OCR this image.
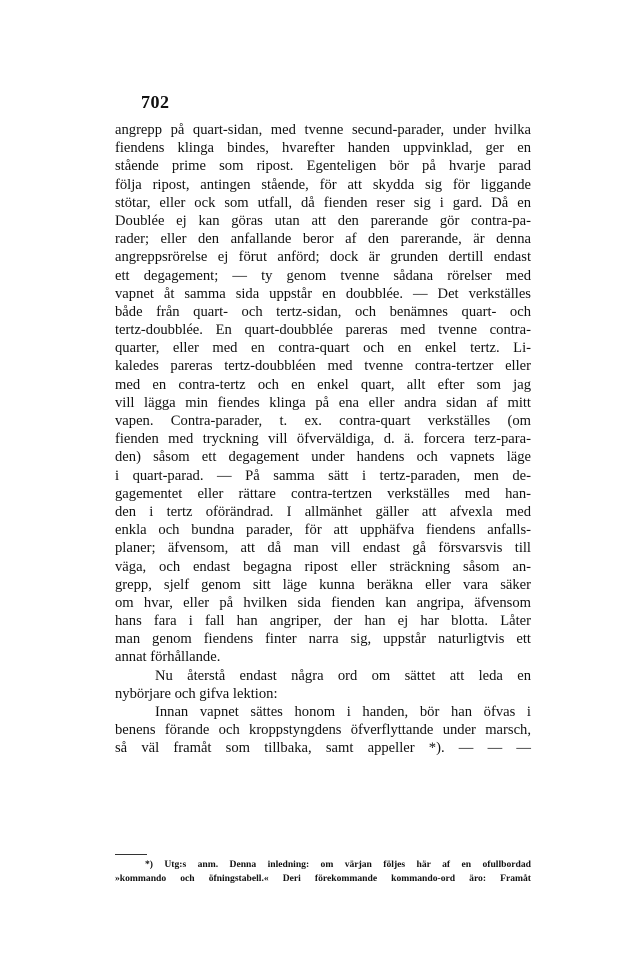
702
angrepp på quart-sidan, med tvenne secund-parader, under hvilka
fiendens klinga bindes, hvarefter handen uppvinklad, ger en
stående prime som ripost. Egenteligen bör på hvarje parad
följa ripost, antingen stående, för att skydda sig för liggande
stötar, eller ock som utfall, då fienden reser sig i gard. Då en
Doublée ej kan göras utan att den parerande gör contra-pa-
rader; eller den anfallande beror af den parerande, är denna
angreppsrörelse ej förut anförd; dock är grunden dertill endast
ett degagement; — ty genom tvenne sådana rörelser med
vapnet åt samma sida uppstår en doubblée. — Det verkställes
både från quart- och tertz-sidan, och benämnes quart- och
tertz-doubblée. En quart-doubblée pareras med tvenne contra-
quarter, eller med en contra-quart och en enkel tertz. Li-
kaledes pareras tertz-doubbléen med tvenne contra-tertzer eller
med en contra-tertz och en enkel quart, allt efter som jag
vill lägga min fiendes klinga på ena eller andra sidan af mitt
vapen. Contra-parader, t. ex. contra-quart verkställes (om
fienden med tryckning vill öfverväldiga, d. ä. forcera terz-para-
den) såsom ett degagement under handens och vapnets läge
i quart-parad. — På samma sätt i tertz-paraden, men de-
gagementet eller rättare contra-tertzen verkställes med han-
den i tertz oförändrad. I allmänhet gäller att afvexla med
enkla och bundna parader, för att upphäfva fiendens anfalls-
planer; äfvensom, att då man vill endast gå försvarsvis till
väga, och endast begagna ripost eller sträckning såsom an-
grepp, sjelf genom sitt läge kunna beräkna eller vara säker
om hvar, eller på hvilken sida fienden kan angripa, äfvensom
hans fara i fall han angriper, der han ej har blotta. Låter
man genom fiendens finter narra sig, uppstår naturligtvis ett
annat förhållande.
Nu återstå endast några ord om sättet att leda en
nybörjare och gifva lektion:
Innan vapnet sättes honom i handen, bör han öfvas i
benens förande och kroppstyngdens öfverflyttande under marsch,
så väl framåt som tillbaka, samt appeller *). — — —
*) Utg:s anm. Denna inledning: om värjan följes här af en ofullbordad
»kommando och öfningstabell.« Deri förekommande kommando-ord äro: Framåt
